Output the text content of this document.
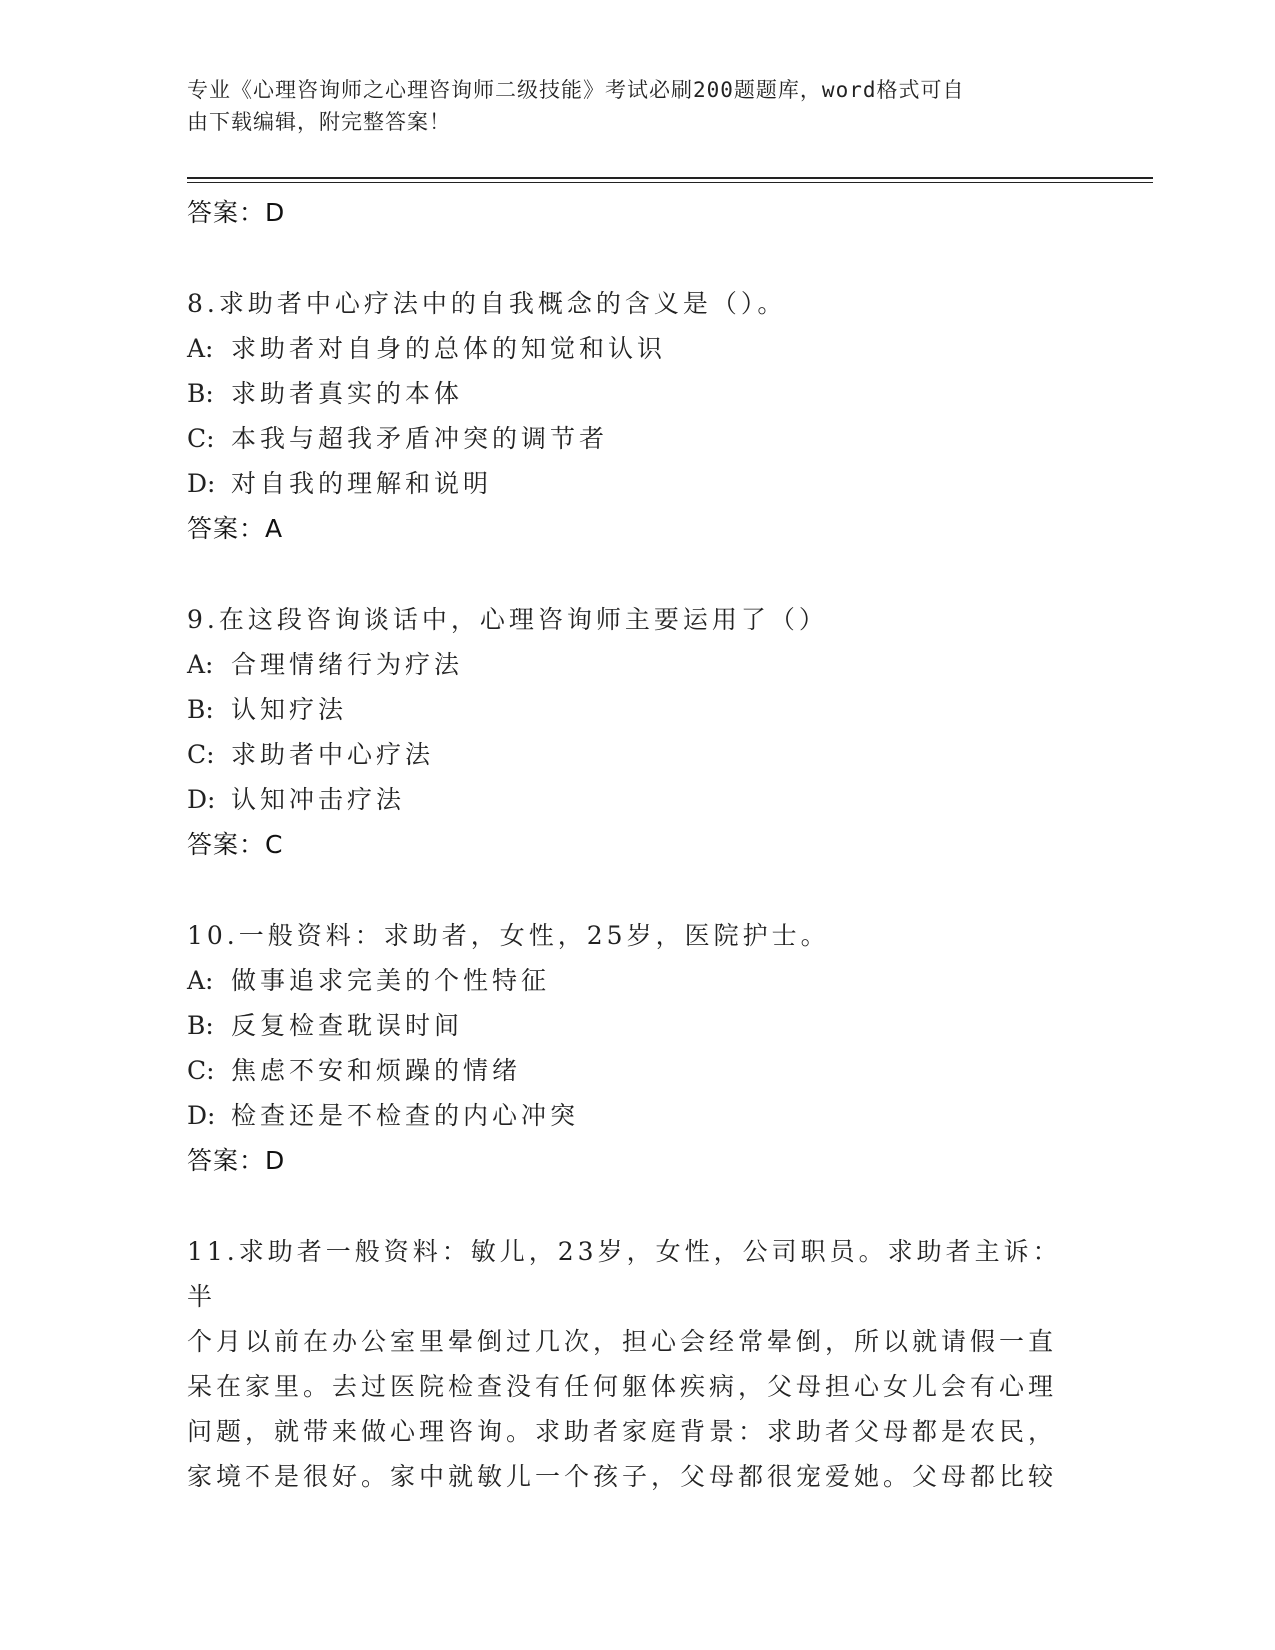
专业《心理咨询师之心理咨询师二级技能》考试必刷200题题库，word格式可自
由下载编辑，附完整答案！
答案：D
8.求助者中心疗法中的自我概念的含义是（）。
A: 求助者对自身的总体的知觉和认识
B: 求助者真实的本体
C: 本我与超我矛盾冲突的调节者
D: 对自我的理解和说明
答案：A
9.在这段咨询谈话中，心理咨询师主要运用了（）
A: 合理情绪行为疗法
B: 认知疗法
C: 求助者中心疗法
D: 认知冲击疗法
答案：C
10.一般资料：求助者，女性，25岁，医院护士。
A: 做事追求完美的个性特征
B: 反复检查耽误时间
C: 焦虑不安和烦躁的情绪
D: 检查还是不检查的内心冲突
答案：D
11.求助者一般资料：敏儿，23岁，女性，公司职员。求助者主诉：半
个月以前在办公室里晕倒过几次，担心会经常晕倒，所以就请假一直
呆在家里。去过医院检查没有任何躯体疾病，父母担心女儿会有心理
问题，就带来做心理咨询。求助者家庭背景：求助者父母都是农民，
家境不是很好。家中就敏儿一个孩子，父母都很宠爱她。父母都比较
